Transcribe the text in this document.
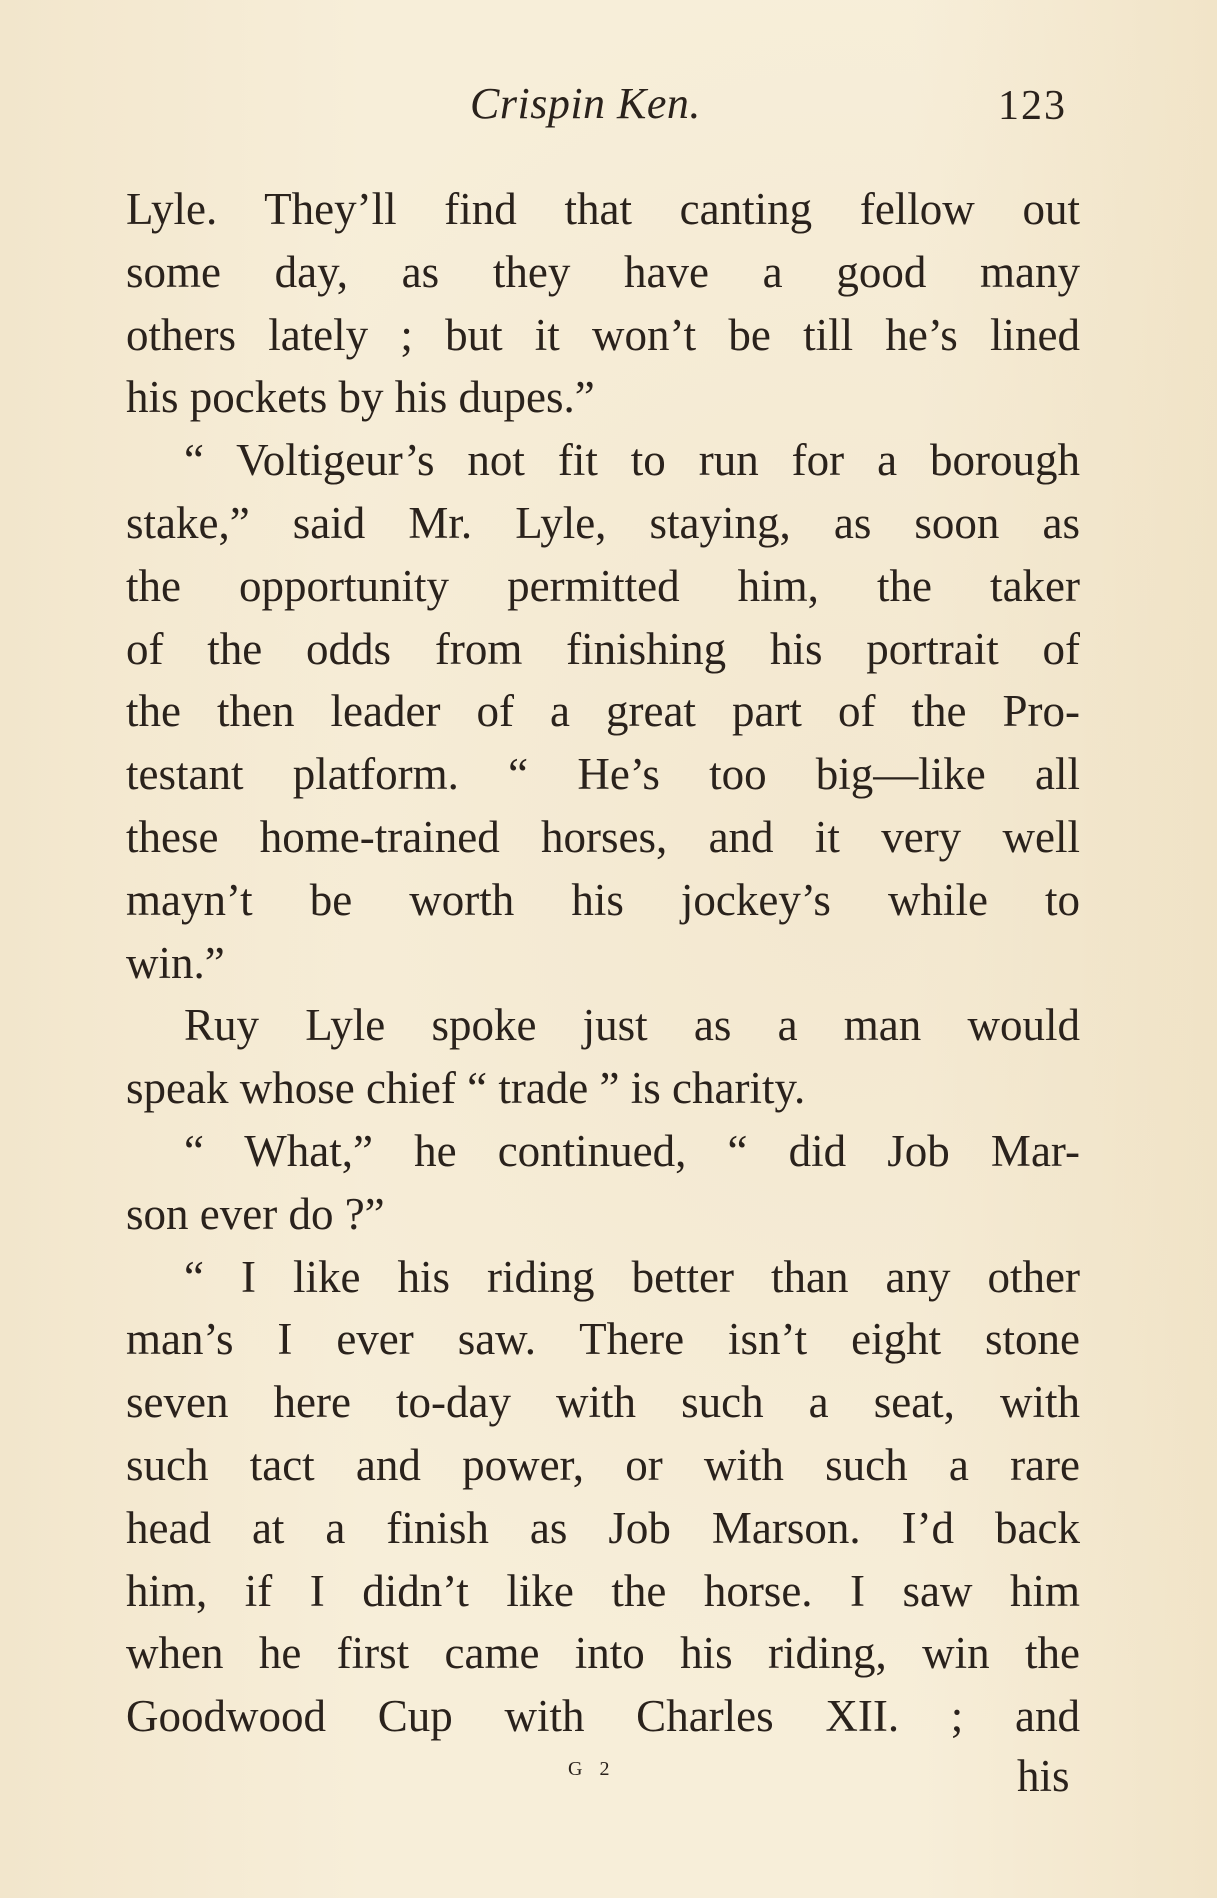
Crispin Ken.	123
Lyle. They’ll find that canting fellow out
some day, as they have a good many
others lately ; but it won’t be till he’s lined
his pockets by his dupes.”
“ Voltigeur’s not fit to run for a borough
stake,” said Mr. Lyle, staying, as soon as
the opportunity permitted him, the taker
of the odds from finishing his portrait of
the then leader of a great part of the Pro-
testant platform. “ He’s too big—like all
these home-trained horses, and it very well
mayn’t be worth his jockey’s while to
win.”
Ruy Lyle spoke just as a man would
speak whose chief “ trade ” is charity.
“ What,” he continued, “ did Job Mar-
son ever do ?”
“ I like his riding better than any other
man’s I ever saw. There isn’t eight stone
seven here to-day with such a seat, with
such tact and power, or with such a rare
head at a finish as Job Marson. I’d back
him, if I didn’t like the horse. I saw him
when he first came into his riding, win the
Goodwood Cup with Charles XII. ; and
G 2	his
